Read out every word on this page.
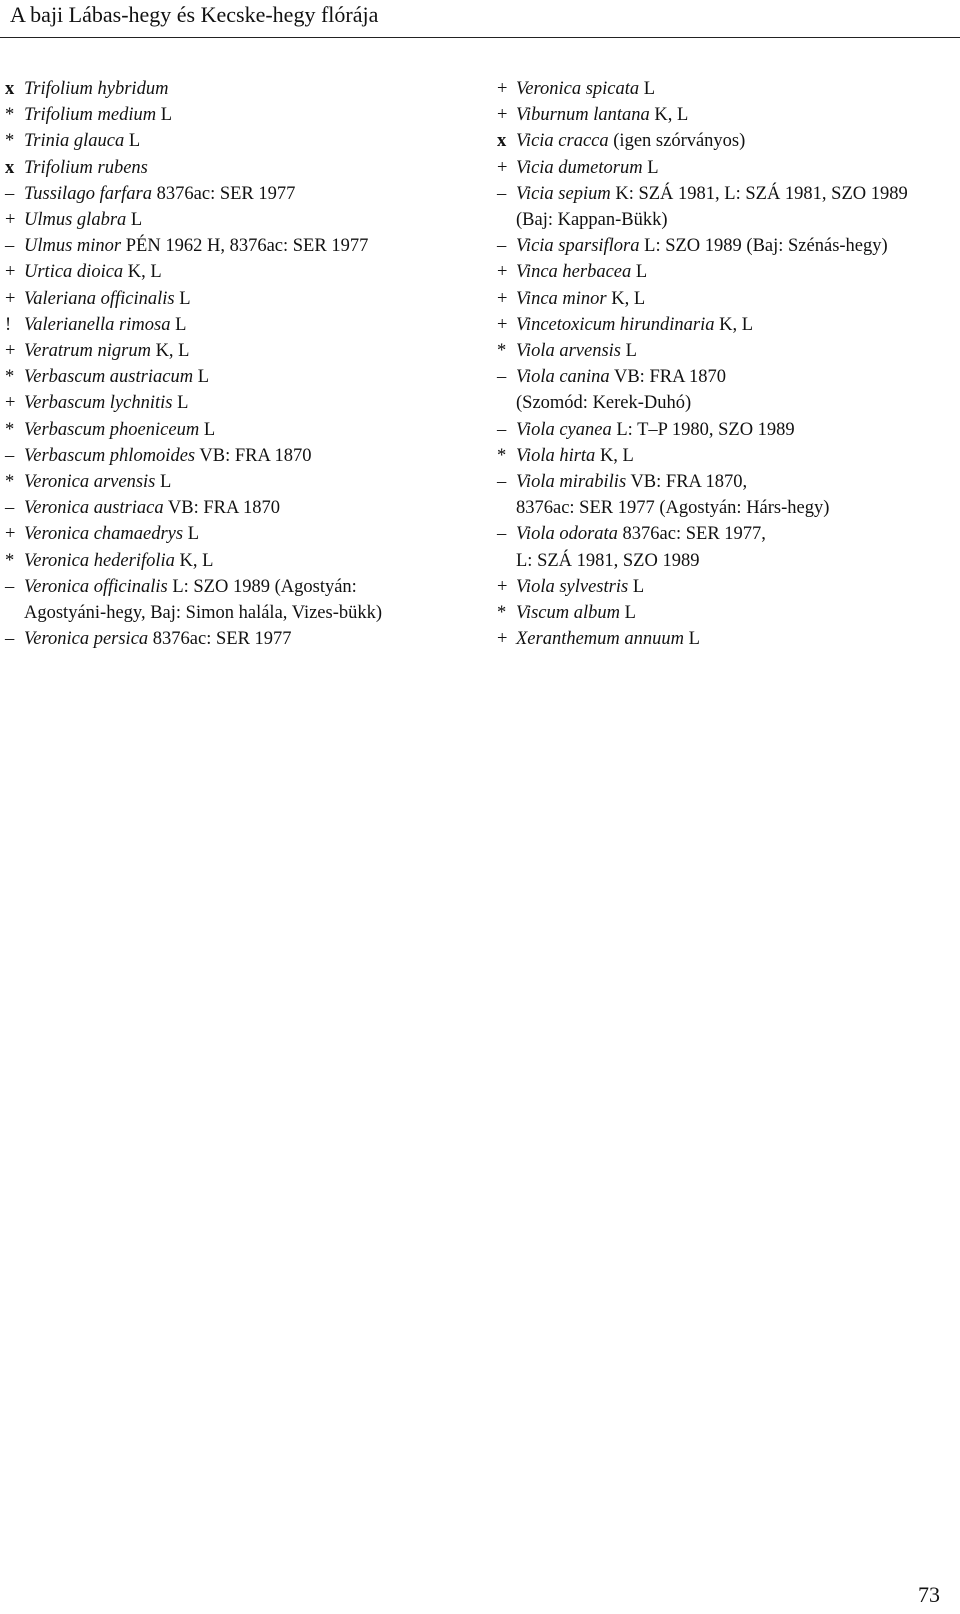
A baji Lábas-hegy és Kecske-hegy flórája
x Trifolium hybridum
* Trifolium medium L
* Trinia glauca L
x Trifolium rubens
– Tussilago farfara 8376ac: SER 1977
+ Ulmus glabra L
– Ulmus minor PÉN 1962 H, 8376ac: SER 1977
+ Urtica dioica K, L
+ Valeriana officinalis L
! Valerianella rimosa L
+ Veratrum nigrum K, L
* Verbascum austriacum L
+ Verbascum lychnitis L
* Verbascum phoeniceum L
– Verbascum phlomoides VB: FRA 1870
* Veronica arvensis L
– Veronica austriaca VB: FRA 1870
+ Veronica chamaedrys L
* Veronica hederifolia K, L
– Veronica officinalis L: SZO 1989 (Agostyán:
Agostyáni-hegy, Baj: Simon halála, Vizes-bükk)
– Veronica persica 8376ac: SER 1977
+ Veronica spicata L
+ Viburnum lantana K, L
x Vicia cracca (igen szórványos)
+ Vicia dumetorum L
– Vicia sepium K: SZÁ 1981, L: SZÁ 1981, SZO 1989
(Baj: Kappan-Bükk)
– Vicia sparsiflora L: SZO 1989 (Baj: Szénás-hegy)
+ Vinca herbacea L
+ Vinca minor K, L
+ Vincetoxicum hirundinaria K, L
* Viola arvensis L
– Viola canina VB: FRA 1870
(Szomód: Kerek-Duhó)
– Viola cyanea L: T–P 1980, SZO 1989
* Viola hirta K, L
– Viola mirabilis VB: FRA 1870,
8376ac: SER 1977 (Agostyán: Hárs-hegy)
– Viola odorata 8376ac: SER 1977,
L: SZÁ 1981, SZO 1989
+ Viola sylvestris L
* Viscum album L
+ Xeranthemum annuum L
73
